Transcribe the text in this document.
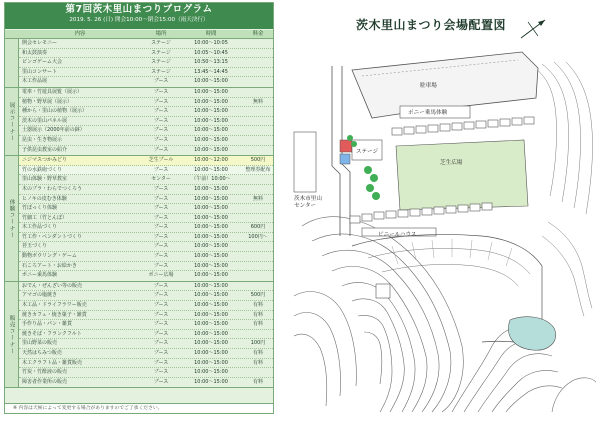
第7回茨木里山まつりプログラム
2019. 5. 26 (日) 開会10:00～閉会15:00（雨天決行）
内容	場所	時間	料金
開会セレモニー	ステージ	10:00～10:05
和太鼓演奏	ステージ	10:05～10:45
ビンゴゲーム大会	ステージ	10:50～13:15
里山コンサート	ステージ	13:45～14:45
木工作品展	ブース	10:00～15:00
展示コーナー
電車・竹遊具展覧（展示）	ブース	10:00～15:00
植物・野草展（展示）	ブース	10:00～15:00	無料
種から・里山の植物（展示）	ブース	10:00～15:00
茨木の里山パネル展	ブース	10:00～15:00
土器展示（2000年前の鉢）	ブース	10:00～15:00
昆虫・生き物展示	ブース	10:00～15:00
子供昆虫教室の紹介	ブース	10:00～15:00
体験コーナー
ニジマスつかみどり	芝生プール	10:00～12:00	500円
竹の水鉄砲づくり	ブース	10:00～15:00	整理券配布
里山体験・野草教室	センター	（午前）10:00～
木のプラ・わらでつくろう	ブース	10:00～15:00
ヒノキの皮むき体験	ブース	10:00～15:00	無料
竹ぽっくり体験	ブース	10:00～15:00
竹細工（竹とんぼ）	ブース	10:00～15:00
木工作品づくり	ブース	10:00～15:00	600円
竹工作・ペンダントづくり	ブース	10:00～15:00	100円～
苔玉づくり	ブース	10:00～15:00
動物ボウリング・ゲーム	ブース	10:00～15:00
石ころアート・お絵かき	ブース	10:00～15:00
ポニー乗馬体験	ポニー広場	10:00～15:00
販売コーナー
おでん・ぜんざい等の販売	ブース	10:00～15:00
アマゴの塩焼き	ブース	10:00～15:00	500円
木工品・ドライフラワー販売	ブース	10:00～15:00	有料
焼きカフェ・焼き菓子・雑貨	ブース	10:00～15:00	有料
手作り品・パン・雑貨	ブース	10:00～15:00	有料
焼きそば・フランクフルト	ブース	10:00～15:00
里山野菜の販売	ブース	10:00～15:00	100円
天然はちみつ販売	ブース	10:00～15:00	有料
木工クラフト品・雑貨販売	ブース	10:00～15:00	有料
竹炭・竹酢液の販売	ブース	10:00～15:00
障害者作業所の販売	ブース	10:00～15:00	有料
※ 内容は天候によって変更する場合がありますのでご了承ください。
茨木里山まつり会場配置図
駐車場
ポニー乗馬体験
ステージ
芝生広場
ビニールハウス
茨木市里山センター
